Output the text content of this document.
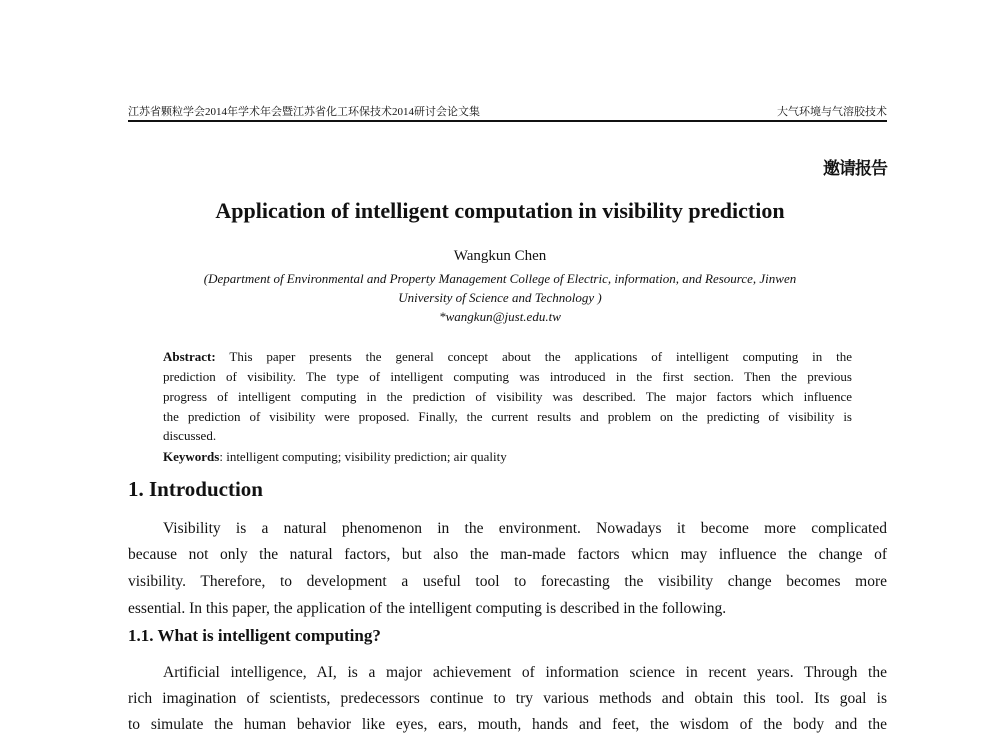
江苏省颗粒学会2014年学术年会暨江苏省化工环保技术2014研讨会论文集	大气环境与气溶胶技术
邀请报告
Application of intelligent computation in visibility prediction
Wangkun Chen
(Department of Environmental and Property Management College of Electric, information, and Resource, Jinwen
University of Science and Technology )
*wangkun@just.edu.tw
Abstract: This paper presents the general concept about the applications of intelligent computing in the
prediction of visibility. The type of intelligent computing was introduced in the first section. Then the previous
progress of intelligent computing in the prediction of visibility was described. The major factors which influence
the prediction of visibility were proposed. Finally, the current results and problem on the predicting of visibility is
discussed.
Keywords: intelligent computing; visibility prediction; air quality
1. Introduction
Visibility is a natural phenomenon in the environment. Nowadays it become more complicated
because not only the natural factors, but also the man-made factors whicn may influence the change of
visibility. Therefore, to development a useful tool to forecasting the visibility change becomes more
essential. In this paper, the application of the intelligent computing is described in the following.
1.1. What is intelligent computing?
Artificial intelligence, AI, is a major achievement of information science in recent years. Through the
rich imagination of scientists, predecessors continue to try various methods and obtain this tool. Its goal is
to simulate the human behavior like eyes, ears, mouth, hands and feet, the wisdom of the body and the
